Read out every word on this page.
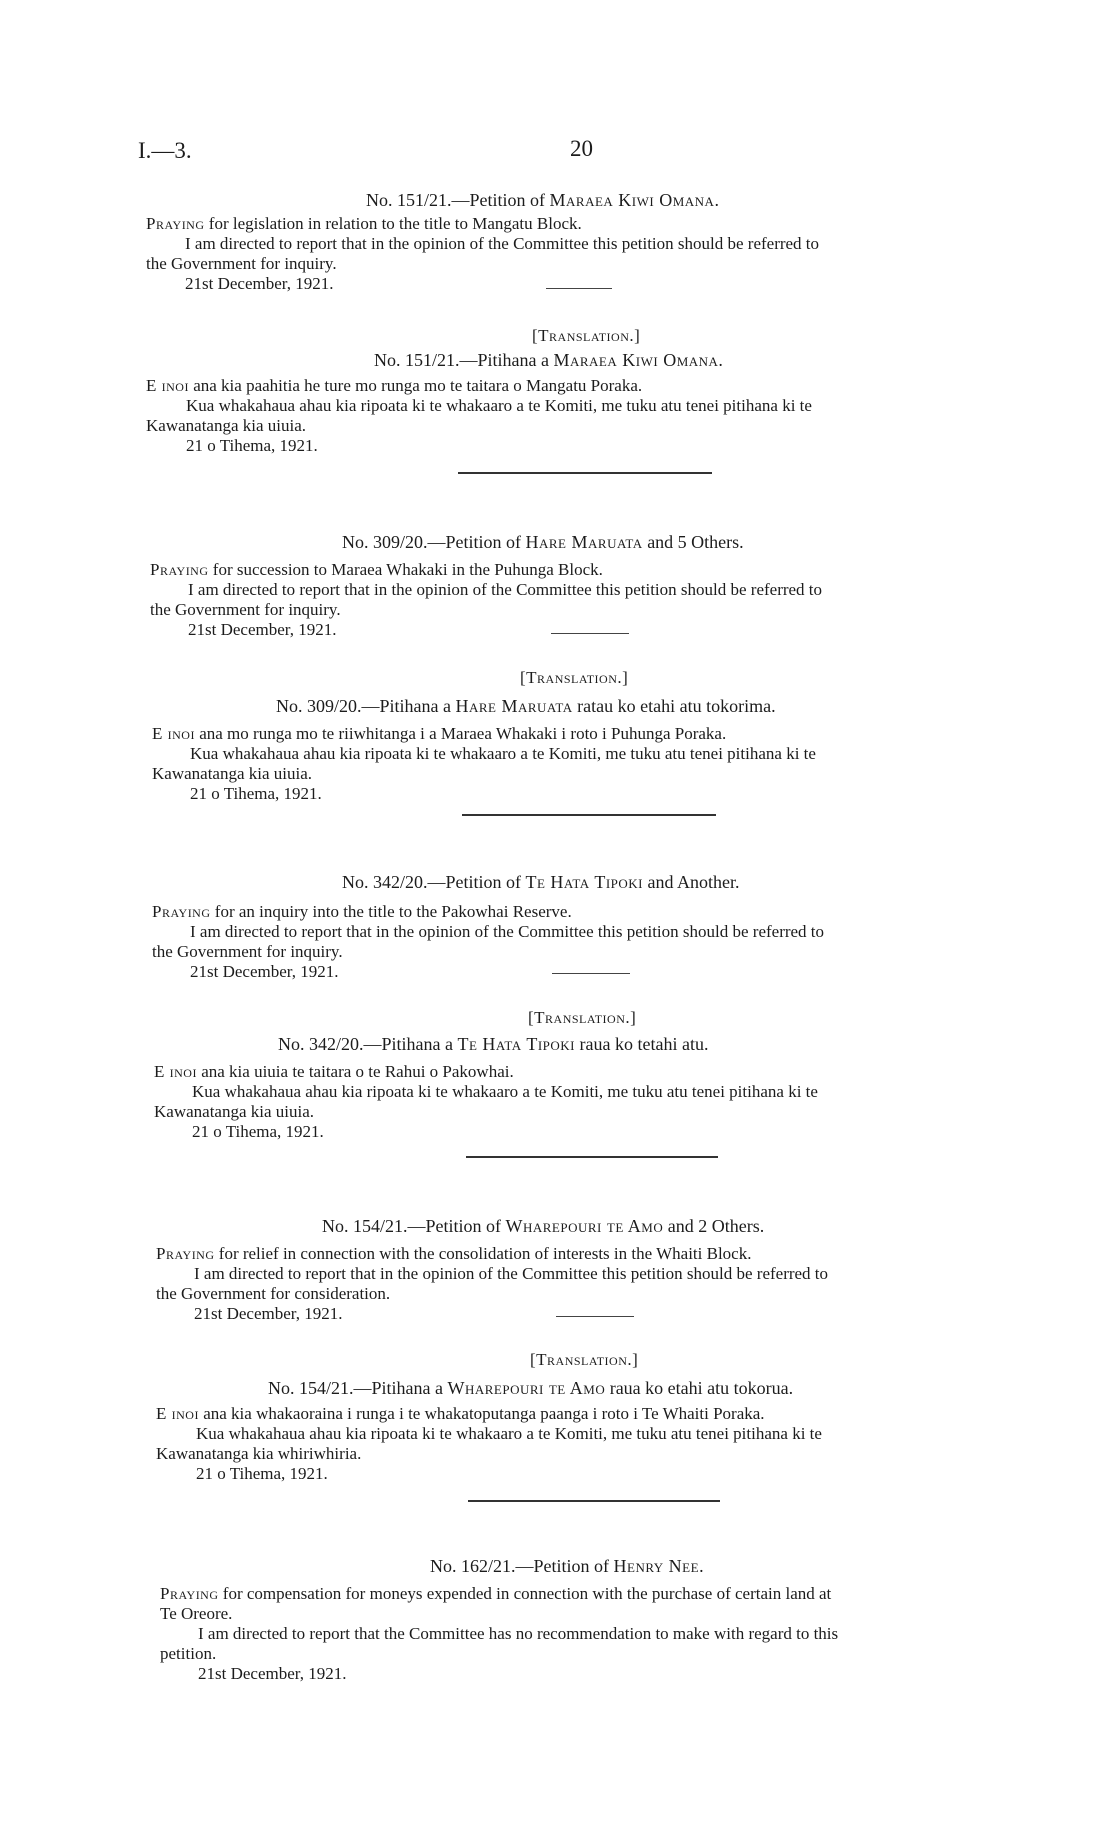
I.—3.	20
No. 151/21.—Petition of Maraea Kiwi Omana.
Praying for legislation in relation to the title to Mangatu Block.
I am directed to report that in the opinion of the Committee this petition should be referred to
the Government for inquiry.
21st December, 1921.
[Translation.]
No. 151/21.—Pitihana a Maraea Kiwi Omana.
E inoi ana kia paahitia he ture mo runga mo te taitara o Mangatu Poraka.
Kua whakahaua ahau kia ripoata ki te whakaaro a te Komiti, me tuku atu tenei pitihana ki te
Kawanatanga kia uiuia.
21 o Tihema, 1921.
No. 309/20.—Petition of Hare Maruata and 5 Others.
Praying for succession to Maraea Whakaki in the Puhunga Block.
I am directed to report that in the opinion of the Committee this petition should be referred to
the Government for inquiry.
21st December, 1921.
[Translation.]
No. 309/20.—Pitihana a Hare Maruata ratau ko etahi atu tokorima.
E inoi ana mo runga mo te riiwhitanga i a Maraea Whakaki i roto i Puhunga Poraka.
Kua whakahaua ahau kia ripoata ki te whakaaro a te Komiti, me tuku atu tenei pitihana ki te
Kawanatanga kia uiuia.
21 o Tihema, 1921.
No. 342/20.—Petition of Te Hata Tipoki and Another.
Praying for an inquiry into the title to the Pakowhai Reserve.
I am directed to report that in the opinion of the Committee this petition should be referred to
the Government for inquiry.
21st December, 1921.
[Translation.]
No. 342/20.—Pitihana a Te Hata Tipoki raua ko tetahi atu.
E inoi ana kia uiuia te taitara o te Rahui o Pakowhai.
Kua whakahaua ahau kia ripoata ki te whakaaro a te Komiti, me tuku atu tenei pitihana ki te
Kawanatanga kia uiuia.
21 o Tihema, 1921.
No. 154/21.—Petition of Wharepouri te Amo and 2 Others.
Praying for relief in connection with the consolidation of interests in the Whaiti Block.
I am directed to report that in the opinion of the Committee this petition should be referred to
the Government for consideration.
21st December, 1921.
[Translation.]
No. 154/21.—Pitihana a Wharepouri te Amo raua ko etahi atu tokorua.
E inoi ana kia whakaoraina i runga i te whakatoputanga paanga i roto i Te Whaiti Poraka.
Kua whakahaua ahau kia ripoata ki te whakaaro a te Komiti, me tuku atu tenei pitihana ki te
Kawanatanga kia whiriwhiria.
21 o Tihema, 1921.
No. 162/21.—Petition of Henry Nee.
Praying for compensation for moneys expended in connection with the purchase of certain land at
Te Oreore.
I am directed to report that the Committee has no recommendation to make with regard to this
petition.
21st December, 1921.
